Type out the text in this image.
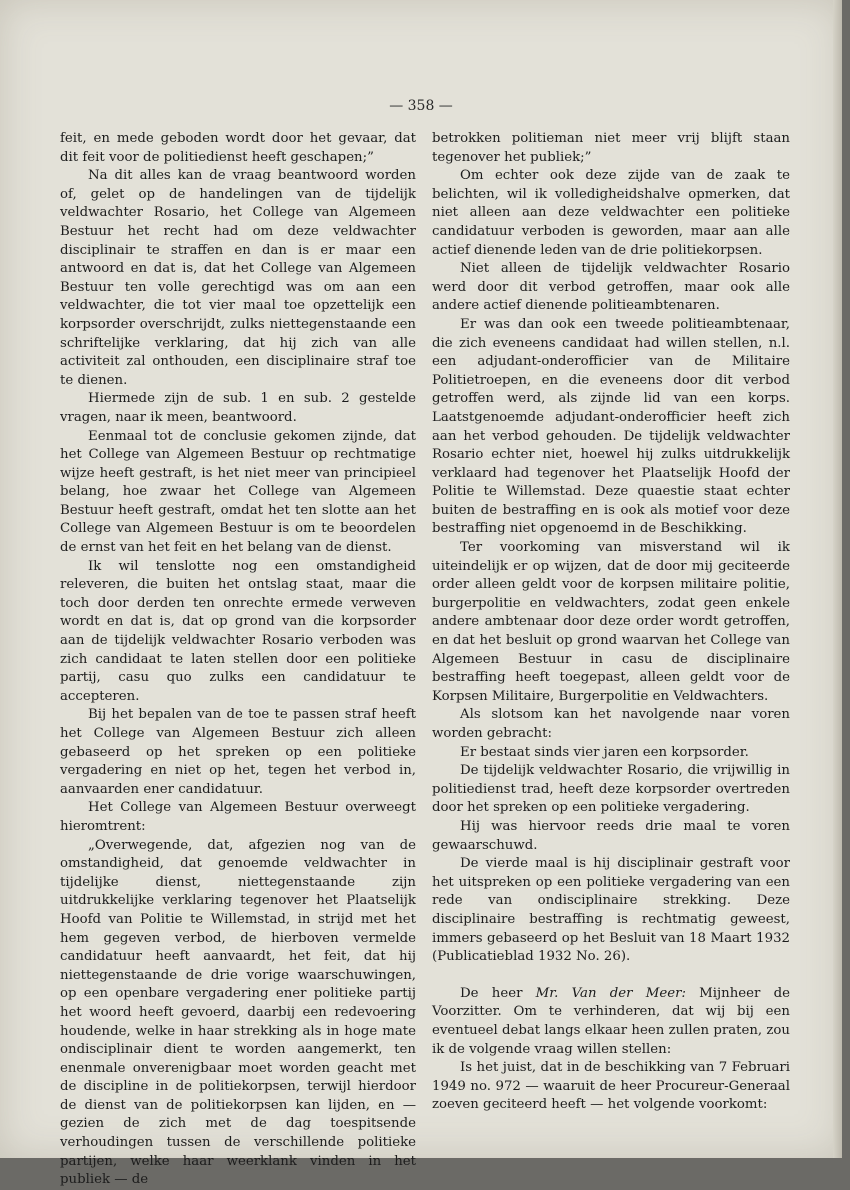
— 358 —

feit, en mede geboden wordt door het gevaar, dat dit feit voor de politiedienst heeft geschapen;”

Na dit alles kan de vraag beantwoord worden of, gelet op de handelingen van de tijdelijk veldwachter Rosario, het College van Algemeen Bestuur het recht had om deze veldwachter disciplinair te straffen en dan is er maar een antwoord en dat is, dat het College van Algemeen Bestuur ten volle gerechtigd was om aan een veldwachter, die tot vier maal toe opzettelijk een korpsorder overschrijdt, zulks niettegenstaande een schriftelijke verklaring, dat hij zich van alle activiteit zal onthouden, een disciplinaire straf toe te dienen.

Hiermede zijn de sub. 1 en sub. 2 gestelde vragen, naar ik meen, beantwoord.

Eenmaal tot de conclusie gekomen zijnde, dat het College van Algemeen Bestuur op rechtmatige wijze heeft gestraft, is het niet meer van principieel belang, hoe zwaar het College van Algemeen Bestuur heeft gestraft, omdat het ten slotte aan het College van Algemeen Bestuur is om te beoordelen de ernst van het feit en het belang van de dienst.

Ik wil tenslotte nog een omstandigheid releveren, die buiten het ontslag staat, maar die toch door derden ten onrechte ermede verweven wordt en dat is, dat op grond van die korpsorder aan de tijdelijk veldwachter Rosario verboden was zich candidaat te laten stellen door een politieke partij, casu quo zulks een candidatuur te accepteren.

Bij het bepalen van de toe te passen straf heeft het College van Algemeen Bestuur zich alleen gebaseerd op het spreken op een politieke vergadering en niet op het, tegen het verbod in, aanvaarden ener candidatuur.

Het College van Algemeen Bestuur overweegt hieromtrent:

„Overwegende, dat, afgezien nog van de omstandigheid, dat genoemde veldwachter in tijdelijke dienst, niettegenstaande zijn uitdrukkelijke verklaring tegenover het Plaatselijk Hoofd van Politie te Willemstad, in strijd met het hem gegeven verbod, de hierboven vermelde candidatuur heeft aanvaardt, het feit, dat hij niettegenstaande de drie vorige waarschuwingen, op een openbare vergadering ener politieke partij het woord heeft gevoerd, daarbij een redevoering houdende, welke in haar strekking als in hoge mate ondisciplinair dient te worden aangemerkt, ten enenmale onverenigbaar moet worden geacht met de discipline in de politiekorpsen, terwijl hierdoor de dienst van de politiekorpsen kan lijden, en — gezien de zich met de dag toespitsende verhoudingen tussen de verschillende politieke partijen, welke haar weerklank vinden in het publiek — de

betrokken politieman niet meer vrij blijft staan tegenover het publiek;”

Om echter ook deze zijde van de zaak te belichten, wil ik volledigheidshalve opmerken, dat niet alleen aan deze veldwachter een politieke candidatuur verboden is geworden, maar aan alle actief dienende leden van de drie politiekorpsen.

Niet alleen de tijdelijk veldwachter Rosario werd door dit verbod getroffen, maar ook alle andere actief dienende politieambtenaren.

Er was dan ook een tweede politieambtenaar, die zich eveneens candidaat had willen stellen, n.l. een adjudant-onderofficier van de Militaire Politietroepen, en die eveneens door dit verbod getroffen werd, als zijnde lid van een korps. Laatstgenoemde adjudant-onderofficier heeft zich aan het verbod gehouden. De tijdelijk veldwachter Rosario echter niet, hoewel hij zulks uitdrukkelijk verklaard had tegenover het Plaatselijk Hoofd der Politie te Willemstad. Deze quaestie staat echter buiten de bestraffing en is ook als motief voor deze bestraffing niet opgenoemd in de Beschikking.

Ter voorkoming van misverstand wil ik uiteindelijk er op wijzen, dat de door mij geciteerde order alleen geldt voor de korpsen militaire politie, burgerpolitie en veldwachters, zodat geen enkele andere ambtenaar door deze order wordt getroffen, en dat het besluit op grond waarvan het College van Algemeen Bestuur in casu de disciplinaire bestraffing heeft toegepast, alleen geldt voor de Korpsen Militaire, Burgerpolitie en Veldwachters.

Als slotsom kan het navolgende naar voren worden gebracht:

Er bestaat sinds vier jaren een korpsorder.

De tijdelijk veldwachter Rosario, die vrijwillig in politiedienst trad, heeft deze korpsorder overtreden door het spreken op een politieke vergadering.

Hij was hiervoor reeds drie maal te voren gewaarschuwd.

De vierde maal is hij disciplinair gestraft voor het uitspreken op een politieke vergadering van een rede van ondisciplinaire strekking. Deze disciplinaire bestraffing is rechtmatig geweest, immers gebaseerd op het Besluit van 18 Maart 1932 (Publicatieblad 1932 No. 26).

De heer Mr. Van der Meer: Mijnheer de Voorzitter. Om te verhinderen, dat wij bij een eventueel debat langs elkaar heen zullen praten, zou ik de volgende vraag willen stellen:

Is het juist, dat in de beschikking van 7 Februari 1949 no. 972 — waaruit de heer Procureur-Generaal zoeven geciteerd heeft — het volgende voorkomt:
